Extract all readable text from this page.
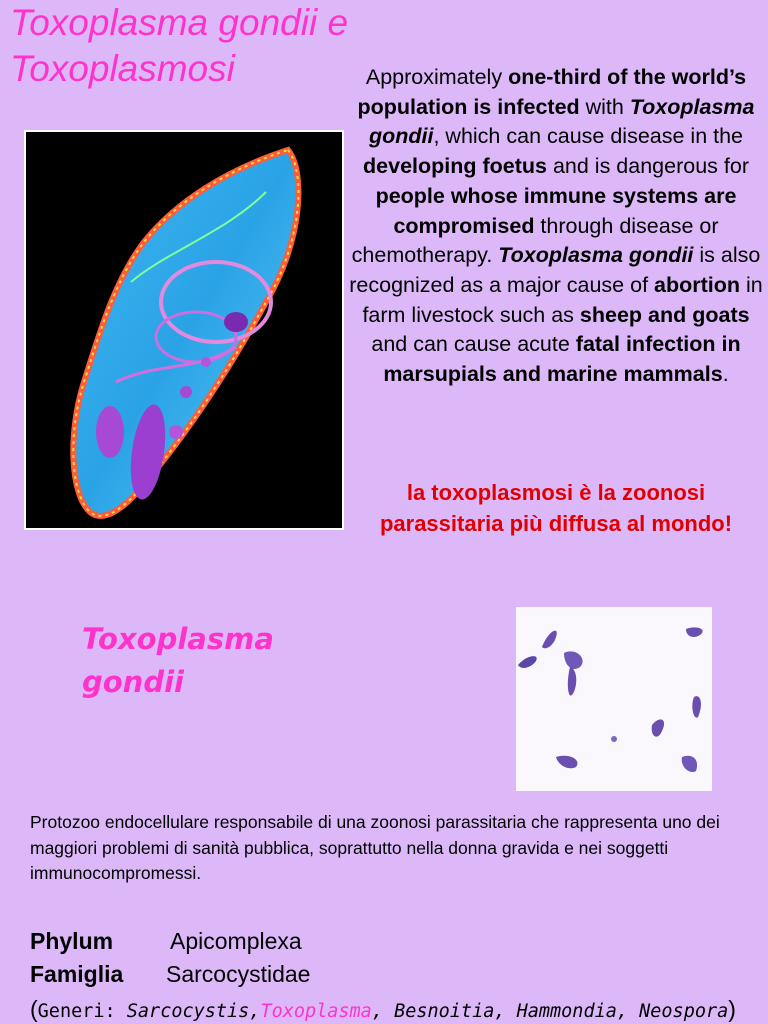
Toxoplasma gondii e
Toxoplasmosi	Approximately one-third of the world’s population is infected with Toxoplasma gondii, which can cause disease in the developing foetus and is dangerous for people whose immune systems are compromised through disease or chemotherapy. Toxoplasma gondii is also recognized as a major cause of abortion in farm livestock such as sheep and goats and can cause acute fatal infection in marsupials and marine mammals.

la toxoplasmosi è la zoonosi parassitaria più diffusa al mondo!

Toxoplasma
gondii

Protozoo endocellulare responsabile di una zoonosi parassitaria che rappresenta uno dei maggiori problemi di sanità pubblica, soprattutto nella donna gravida e nei soggetti immunocompromessi.

Phylum Apicomplexa

Famiglia Sarcocystidae

(Generi: Sarcocystis,Toxoplasma, Besnoitia, Hammondia, Neospora)
